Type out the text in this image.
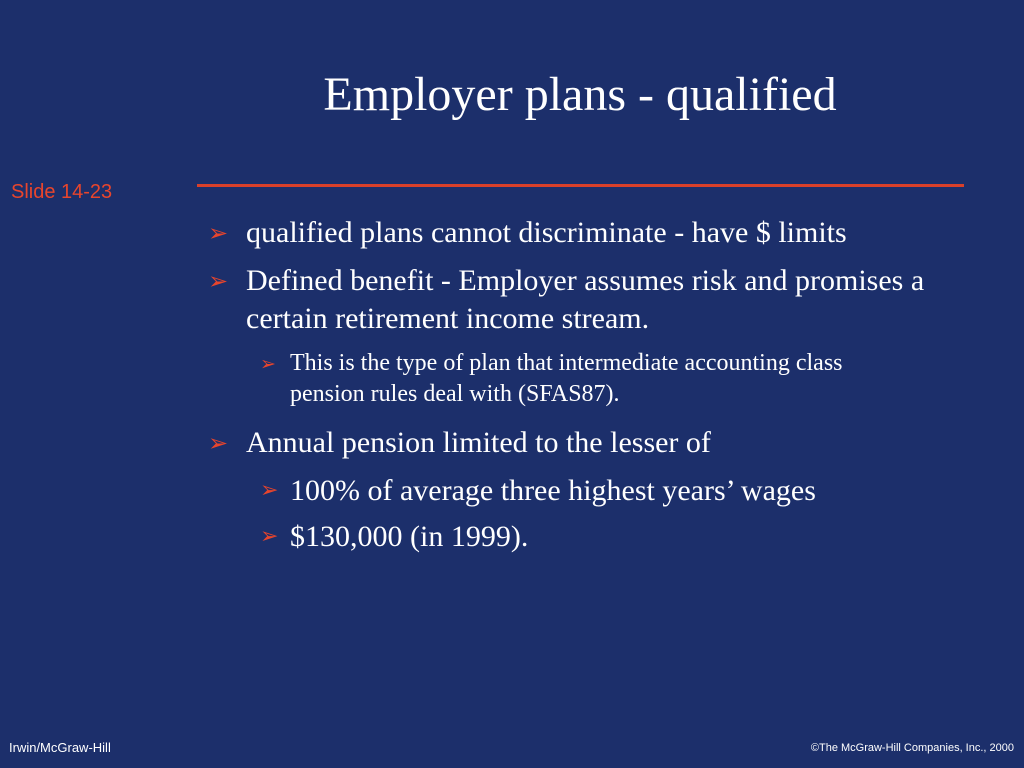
Employer plans - qualified
Slide 14-23
➢ qualified plans cannot discriminate - have $ limits
➢ Defined benefit - Employer assumes risk and promises a certain retirement income stream.
➢ This is the type of plan that intermediate accounting class pension rules deal with (SFAS87).
➢ Annual pension limited to the lesser of
➢ 100% of average three highest years’ wages
➢ $130,000 (in 1999).
Irwin/McGraw-Hill	©The McGraw-Hill Companies, Inc., 2000
